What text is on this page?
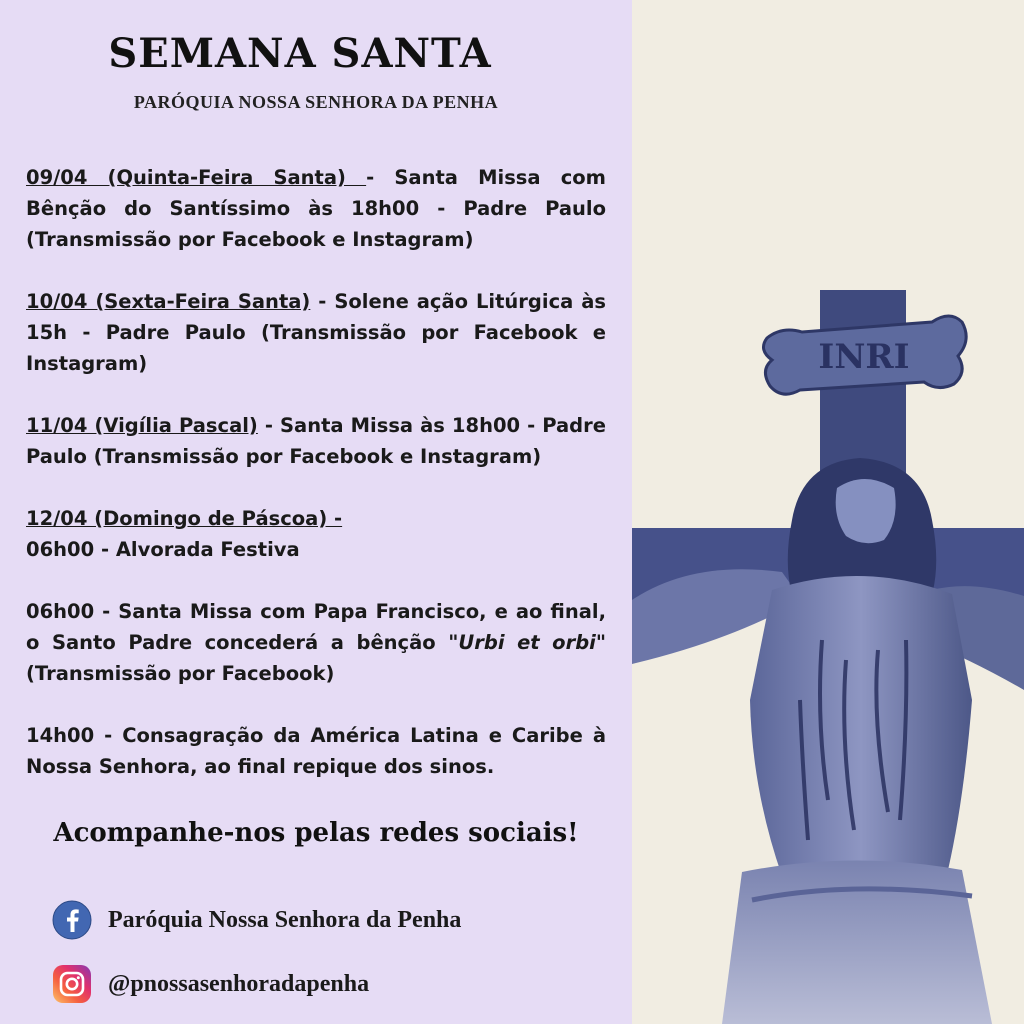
SEMANA SANTA
PARÓQUIA NOSSA SENHORA DA PENHA

09/04 (Quinta-Feira Santa) - Santa Missa com Bênção do Santíssimo às 18h00 - Padre Paulo (Transmissão por Facebook e Instagram)

10/04 (Sexta-Feira Santa) - Solene ação Litúrgica às 15h - Padre Paulo (Transmissão por Facebook e Instagram)

11/04 (Vigília Pascal) - Santa Missa às 18h00 - Padre Paulo (Transmissão por Facebook e Instagram)

12/04 (Domingo de Páscoa) -

06h00 - Alvorada Festiva

06h00 - Santa Missa com Papa Francisco, e ao final, o Santo Padre concederá a bênção "Urbi et orbi" (Transmissão por Facebook)

14h00 - Consagração da América Latina e Caribe à Nossa Senhora, ao final repique dos sinos.

Acompanhe-nos pelas redes sociais!
Paróquia Nossa Senhora da Penha
@pnossasenhoradapenha
INRI
